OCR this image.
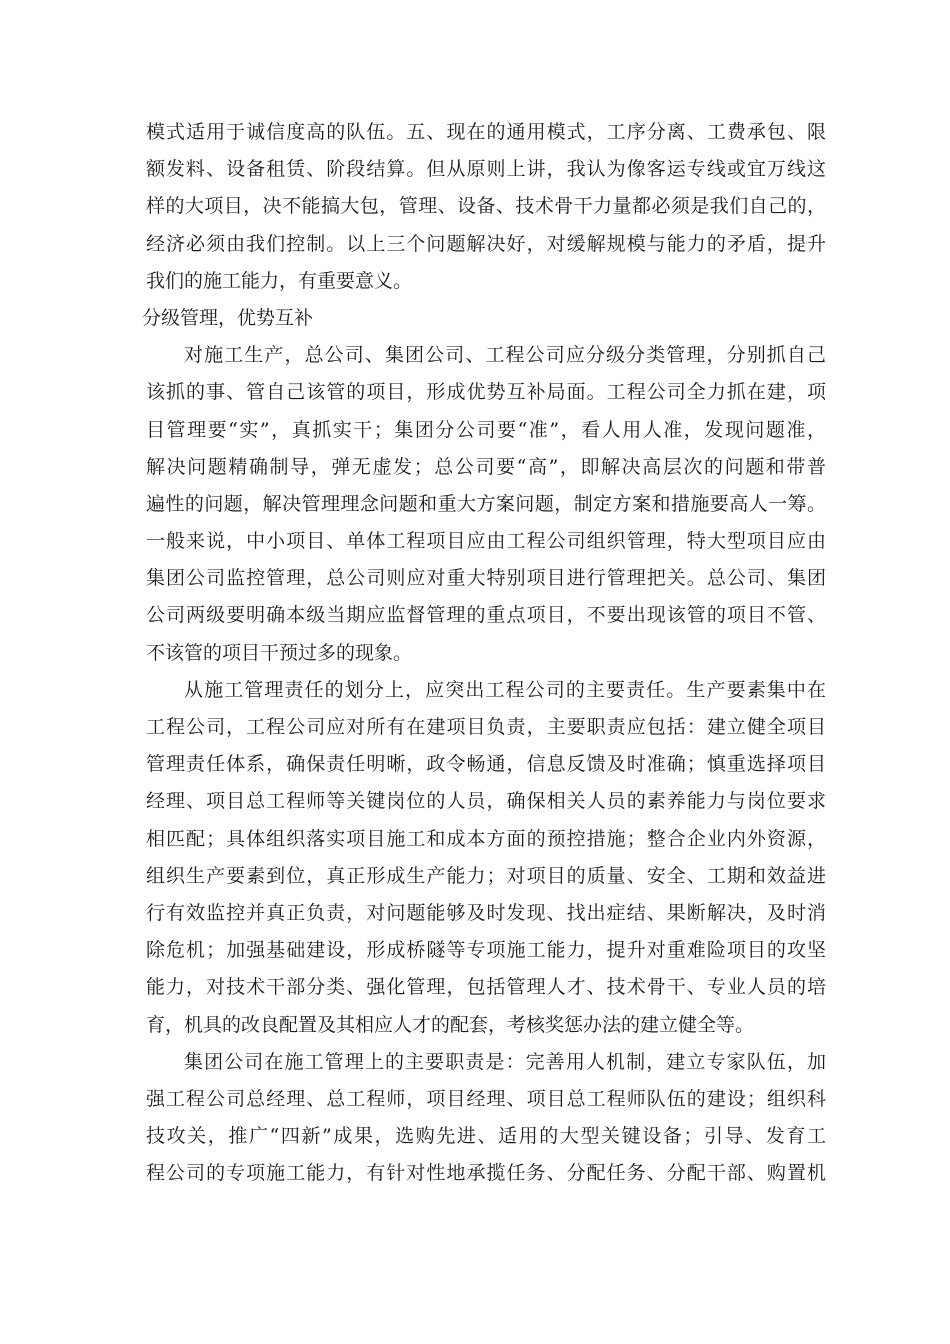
模式适用于诚信度高的队伍。五、现在的通用模式，工序分离、工费承包、限
额发料、设备租赁、阶段结算。但从原则上讲，我认为像客运专线或宜万线这
样的大项目，决不能搞大包，管理、设备、技术骨干力量都必须是我们自己的，
经济必须由我们控制。以上三个问题解决好，对缓解规模与能力的矛盾，提升
我们的施工能力，有重要意义。
分级管理，优势互补
对施工生产，总公司、集团公司、工程公司应分级分类管理，分别抓自己
该抓的事、管自己该管的项目，形成优势互补局面。工程公司全力抓在建，项
目管理要“实”，真抓实干；集团分公司要“准”，看人用人准，发现问题准，
解决问题精确制导，弹无虚发；总公司要“高”，即解决高层次的问题和带普
遍性的问题，解决管理理念问题和重大方案问题，制定方案和措施要高人一筹。
一般来说，中小项目、单体工程项目应由工程公司组织管理，特大型项目应由
集团公司监控管理，总公司则应对重大特别项目进行管理把关。总公司、集团
公司两级要明确本级当期应监督管理的重点项目，不要出现该管的项目不管、
不该管的项目干预过多的现象。
从施工管理责任的划分上，应突出工程公司的主要责任。生产要素集中在
工程公司，工程公司应对所有在建项目负责，主要职责应包括：建立健全项目
管理责任体系，确保责任明晰，政令畅通，信息反馈及时准确；慎重选择项目
经理、项目总工程师等关键岗位的人员，确保相关人员的素养能力与岗位要求
相匹配；具体组织落实项目施工和成本方面的预控措施；整合企业内外资源，
组织生产要素到位，真正形成生产能力；对项目的质量、安全、工期和效益进
行有效监控并真正负责，对问题能够及时发现、找出症结、果断解决，及时消
除危机；加强基础建设，形成桥隧等专项施工能力，提升对重难险项目的攻坚
能力，对技术干部分类、强化管理，包括管理人才、技术骨干、专业人员的培
育，机具的改良配置及其相应人才的配套，考核奖惩办法的建立健全等。
集团公司在施工管理上的主要职责是：完善用人机制，建立专家队伍，加
强工程公司总经理、总工程师，项目经理、项目总工程师队伍的建设；组织科
技攻关，推广“四新”成果，选购先进、适用的大型关键设备；引导、发育工
程公司的专项施工能力，有针对性地承揽任务、分配任务、分配干部、购置机
